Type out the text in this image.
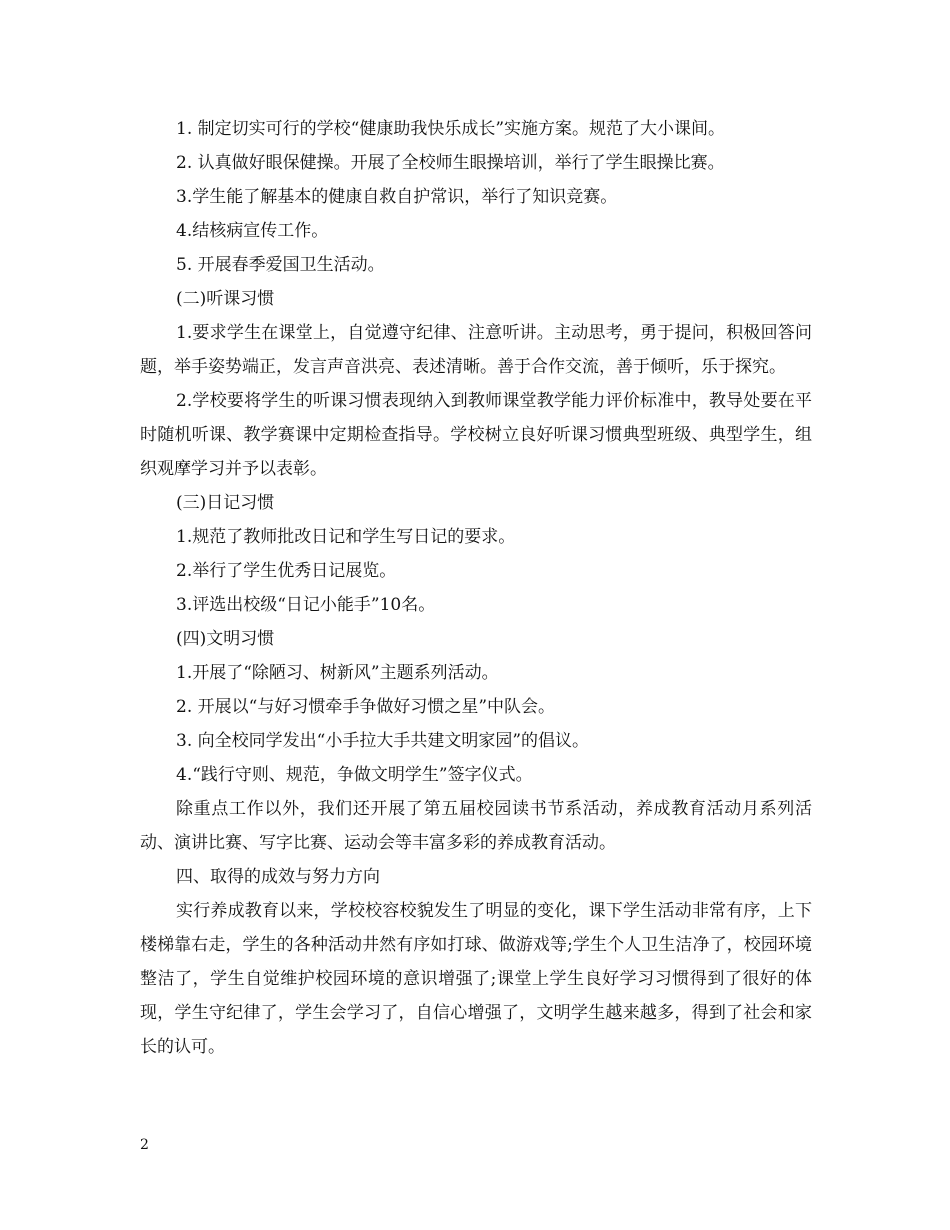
1. 制定切实可行的学校“健康助我快乐成长”实施方案。规范了大小课间。

2. 认真做好眼保健操。开展了全校师生眼操培训，举行了学生眼操比赛。

3.学生能了解基本的健康自救自护常识，举行了知识竞赛。

4.结核病宣传工作。

5. 开展春季爱国卫生活动。

(二)听课习惯

1.要求学生在课堂上，自觉遵守纪律、注意听讲。主动思考，勇于提问，积极回答问题，举手姿势端正，发言声音洪亮、表述清晰。善于合作交流，善于倾听，乐于探究。

2.学校要将学生的听课习惯表现纳入到教师课堂教学能力评价标准中，教导处要在平时随机听课、教学赛课中定期检查指导。学校树立良好听课习惯典型班级、典型学生，组织观摩学习并予以表彰。

(三)日记习惯

1.规范了教师批改日记和学生写日记的要求。

2.举行了学生优秀日记展览。

3.评选出校级“日记小能手”10名。

(四)文明习惯

1.开展了“除陋习、树新风”主题系列活动。

2. 开展以“与好习惯牵手争做好习惯之星”中队会。

3. 向全校同学发出“小手拉大手共建文明家园”的倡议。

4.“践行守则、规范，争做文明学生”签字仪式。

除重点工作以外，我们还开展了第五届校园读书节系活动，养成教育活动月系列活动、演讲比赛、写字比赛、运动会等丰富多彩的养成教育活动。

四、取得的成效与努力方向

实行养成教育以来，学校校容校貌发生了明显的变化，课下学生活动非常有序，上下楼梯靠右走，学生的各种活动井然有序如打球、做游戏等;学生个人卫生洁净了，校园环境整洁了，学生自觉维护校园环境的意识增强了;课堂上学生良好学习习惯得到了很好的体现，学生守纪律了，学生会学习了，自信心增强了，文明学生越来越多，得到了社会和家长的认可。

2
